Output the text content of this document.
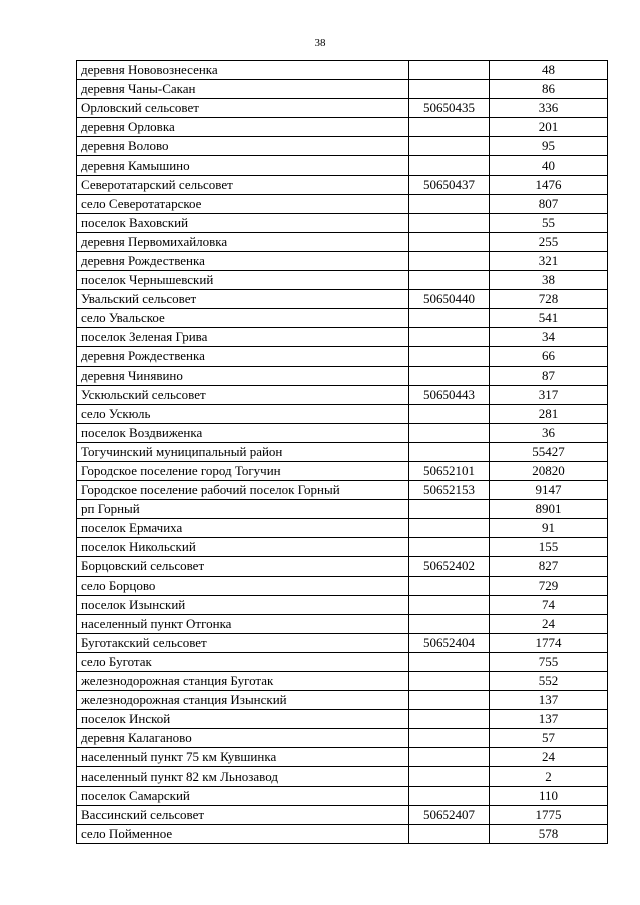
38
деревня Нововознесенка		48
деревня Чаны-Сакан		86
Орловский сельсовет	50650435	336
деревня Орловка		201
деревня Волово		95
деревня Камышино		40
Северотатарский сельсовет	50650437	1476
село Северотатарское		807
поселок Ваховский		55
деревня Первомихайловка		255
деревня Рождественка		321
поселок Чернышевский		38
Увальский сельсовет	50650440	728
село Увальское		541
поселок Зеленая Грива		34
деревня Рождественка		66
деревня Чинявино		87
Ускюльский сельсовет	50650443	317
село Ускюль		281
поселок Воздвиженка		36
Тогучинский муниципальный район		55427
Городское поселение город Тогучин	50652101	20820
Городское поселение рабочий поселок Горный	50652153	9147
рп Горный		8901
поселок Ермачиха		91
поселок Никольский		155
Борцовский сельсовет	50652402	827
село Борцово		729
поселок Изынский		74
населенный пункт Отгонка		24
Буготакский сельсовет	50652404	1774
село Буготак		755
железнодорожная станция Буготак		552
железнодорожная станция Изынский		137
поселок Инской		137
деревня Калаганово		57
населенный пункт 75 км Кувшинка		24
населенный пункт 82 км Льнозавод		2
поселок Самарский		110
Вассинский сельсовет	50652407	1775
село Пойменное		578
